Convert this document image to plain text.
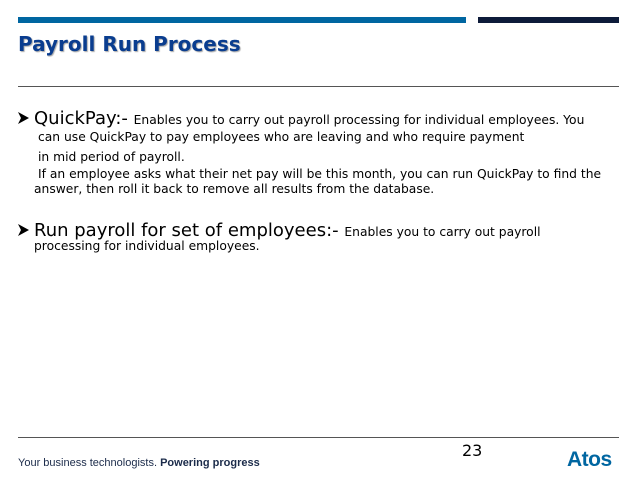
Payroll Run Process
QuickPay:- Enables you to carry out payroll processing for individual employees. You
can use QuickPay to pay employees who are leaving and who require payment
in mid period of payroll.
If an employee asks what their net pay will be this month, you can run QuickPay to find the
answer, then roll it back to remove all results from the database.
Run payroll for set of employees:- Enables you to carry out payroll
processing for individual employees.
23
Your business technologists. Powering progress	Atos
